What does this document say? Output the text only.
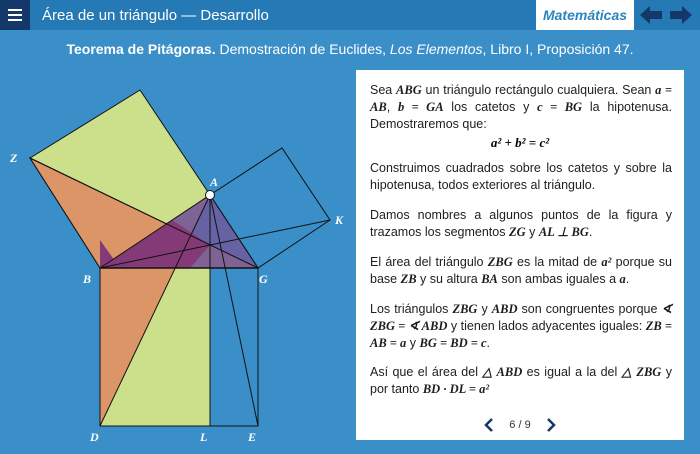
Área de un triángulo — Desarrollo	Matemáticas
Teorema de Pitágoras. Demostración de Euclides, Los Elementos, Libro I, Proposición 47.
Z
A
K
B	G
D	L	E
Sea ABG un triángulo rectángulo cualquiera. Sean a = AB, b = GA los catetos y c = BG la hipotenusa. Demostraremos que:
a² + b² = c²
Construimos cuadrados sobre los catetos y sobre la hipotenusa, todos exteriores al triángulo.
Damos nombres a algunos puntos de la figura y trazamos los segmentos ZG y AL ⊥ BG.
El área del triángulo ZBG es la mitad de a² porque su base ZB y su altura BA son ambas iguales a a.
Los triángulos ZBG y ABD son congruentes porque ∢ ZBG = ∢ ABD y tienen lados adyacentes iguales: ZB = AB = a y BG = BD = c.
Así que el área del △ ABD es igual a la del △ ZBG y por tanto BD · DL = a²
6 / 9
